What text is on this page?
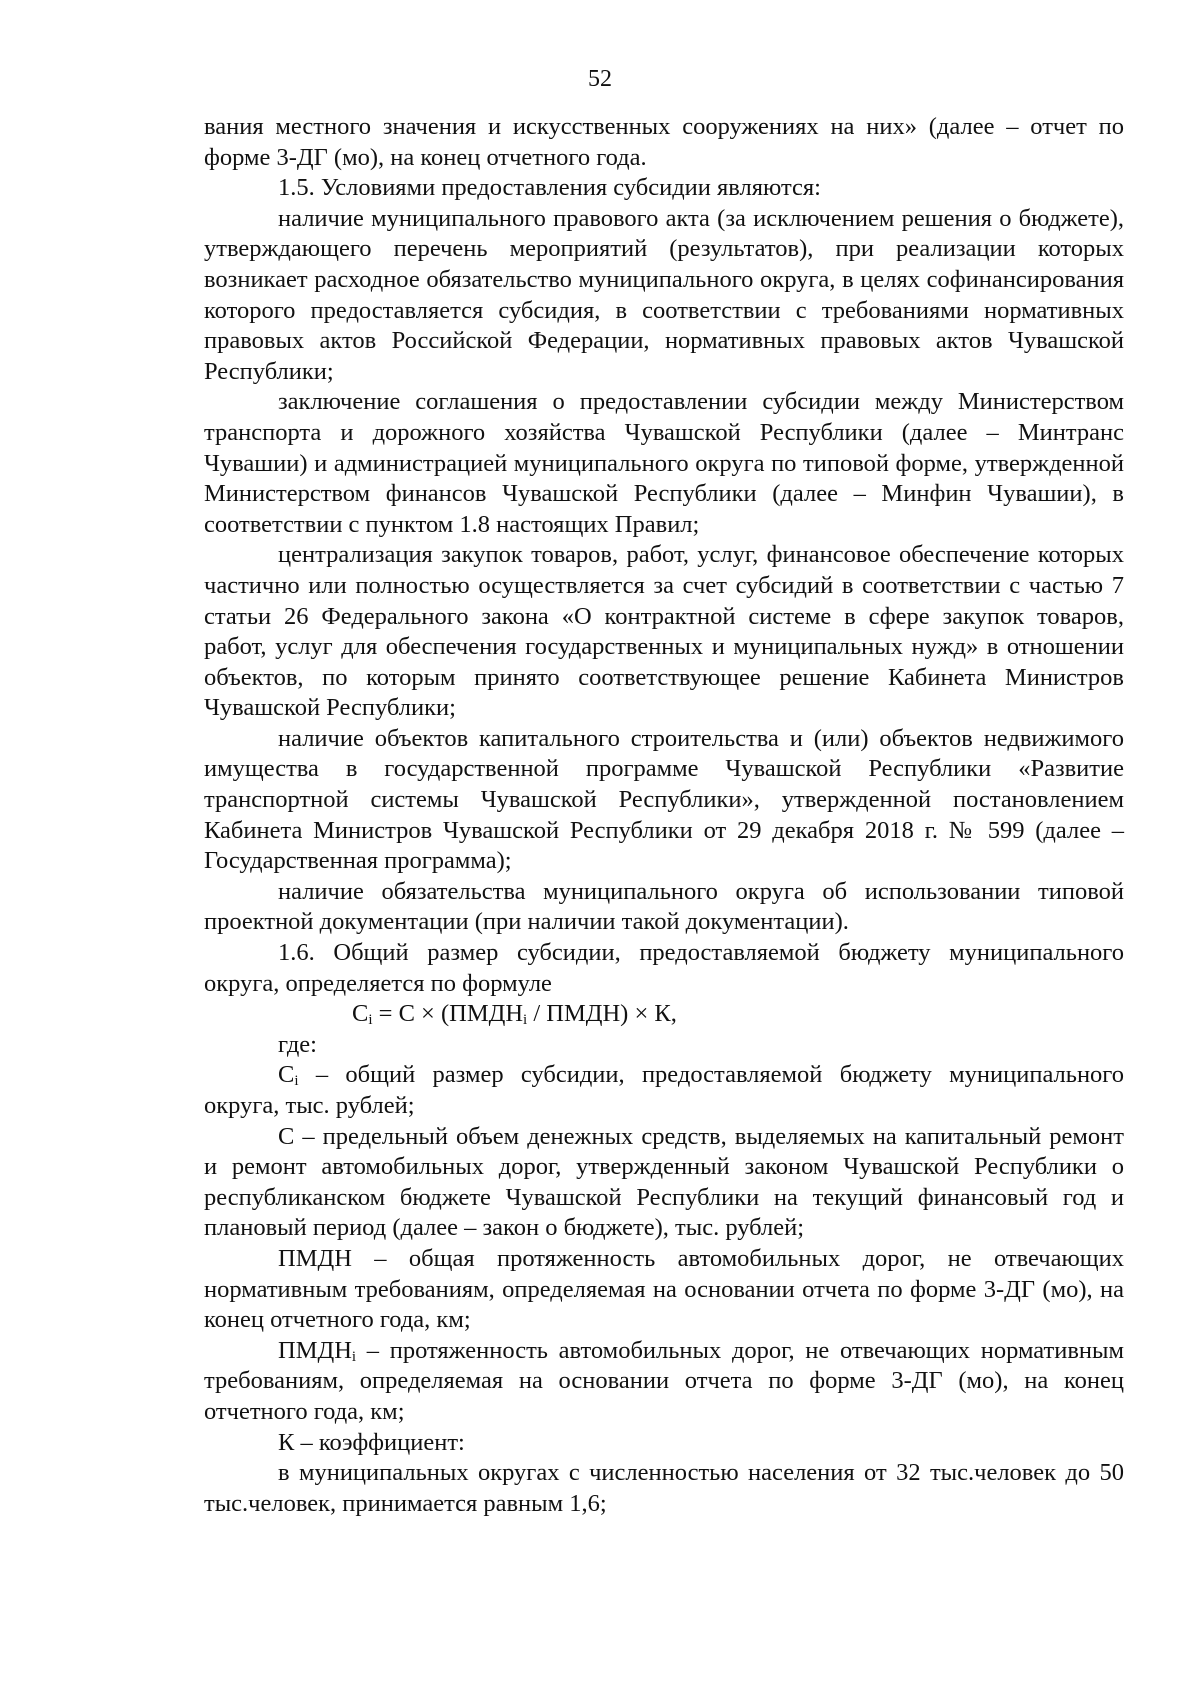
52

вания местного значения и искусственных сооружениях на них» (далее – отчет по форме 3-ДГ (мо), на конец отчетного года.

1.5. Условиями предоставления субсидии являются:

наличие муниципального правового акта (за исключением решения о бюджете), утверждающего перечень мероприятий (результатов), при реализации которых возникает расходное обязательство муниципального округа, в целях софинансирования которого предоставляется субсидия, в соответствии с требованиями нормативных правовых актов Российской Федерации, нормативных правовых актов Чувашской Республики;

заключение соглашения о предоставлении субсидии между Министерством транспорта и дорожного хозяйства Чувашской Республики (далее – Минтранс Чувашии) и администрацией муниципального округа по типовой форме, утвержденной Министерством финансов Чувашской Республики (далее – Минфин Чувашии), в соответствии с пунктом 1.8 настоящих Правил;

централизация закупок товаров, работ, услуг, финансовое обеспечение которых частично или полностью осуществляется за счет субсидий в соответствии с частью 7 статьи 26 Федерального закона «О контрактной системе в сфере закупок товаров, работ, услуг для обеспечения государственных и муниципальных нужд» в отношении объектов, по которым принято соответствующее решение Кабинета Министров Чувашской Республики;

наличие объектов капитального строительства и (или) объектов недвижимого имущества в государственной программе Чувашской Республики «Развитие транспортной системы Чувашской Республики», утвержденной постановлением Кабинета Министров Чувашской Республики от 29 декабря 2018 г. № 599 (далее – Государственная программа);

наличие обязательства муниципального округа об использовании типовой проектной документации (при наличии такой документации).

1.6. Общий размер субсидии, предоставляемой бюджету муниципального округа, определяется по формуле

$C_i = C$ × ($ПМДН_i$ / ПМДН) × К,

где:

$C_i$ – общий размер субсидии, предоставляемой бюджету муниципального округа, тыс. рублей;

С – предельный объем денежных средств, выделяемых на капитальный ремонт и ремонт автомобильных дорог, утвержденный законом Чувашской Республики о республиканском бюджете Чувашской Республики на текущий финансовый год и плановый период (далее – закон о бюджете), тыс. рублей;

ПМДН – общая протяженность автомобильных дорог, не отвечающих нормативным требованиям, определяемая на основании отчета по форме 3-ДГ (мо), на конец отчетного года, км;

$ПМДН_i$ – протяженность автомобильных дорог, не отвечающих нормативным требованиям, определяемая на основании отчета по форме 3-ДГ (мо), на конец отчетного года, км;

К – коэффициент:

в муниципальных округах с численностью населения от 32 тыс.человек до 50 тыс.человек, принимается равным 1,6;
